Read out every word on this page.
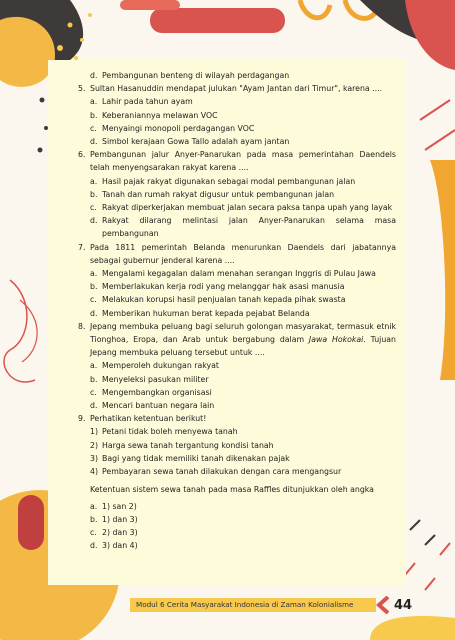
d. Pembangunan benteng di wilayah perdagangan
5. Sultan Hasanuddin mendapat julukan "Ayam Jantan dari Timur", karena ....
a. Lahir pada tahun ayam
b. Keberaniannya melawan VOC
c. Menyaingi monopoli perdagangan VOC
d. Simbol kerajaan Gowa Tallo adalah ayam jantan
6. Pembangunan jalur Anyer-Panarukan pada masa pemerintahan Daendels
telah menyengsarakan rakyat karena ....
a. Hasil pajak rakyat digunakan sebagai modal pembangunan jalan
b. Tanah dan rumah rakyat digusur untuk pembangunan jalan
c. Rakyat diperkerjakan membuat jalan secara paksa tanpa upah yang layak
d. Rakyat dilarang melintasi jalan Anyer-Panarukan selama masa
pembangunan
7. Pada 1811 pemerintah Belanda menurunkan Daendels dari jabatannya
sebagai gubernur jenderal karena ....
a. Mengalami kegagalan dalam menahan serangan Inggris di Pulau Jawa
b. Memberlakukan kerja rodi yang melanggar hak asasi manusia
c. Melakukan korupsi hasil penjualan tanah kepada pihak swasta
d. Memberikan hukuman berat kepada pejabat Belanda
8. Jepang membuka peluang bagi seluruh golongan masyarakat, termasuk etnik
Tionghoa, Eropa, dan Arab untuk bergabung dalam Jawa Hokokai. Tujuan
Jepang membuka peluang tersebut untuk ....
a. Memperoleh dukungan rakyat
b. Menyeleksi pasukan militer
c. Mengembangkan organisasi
d. Mencari bantuan negara lain
9. Perhatikan ketentuan berikut!
1) Petani tidak boleh menyewa tanah
2) Harga sewa tanah tergantung kondisi tanah
3) Bagi yang tidak memiliki tanah dikenakan pajak
4) Pembayaran sewa tanah dilakukan dengan cara mengangsur
Ketentuan sistem sewa tanah pada masa Raffles ditunjukkan oleh angka
a. 1) san 2)
b. 1) dan 3)
c. 2) dan 3)
d. 3) dan 4)
Modul 6 Cerita Masyarakat Indonesia di Zaman Kolonialisme	44
